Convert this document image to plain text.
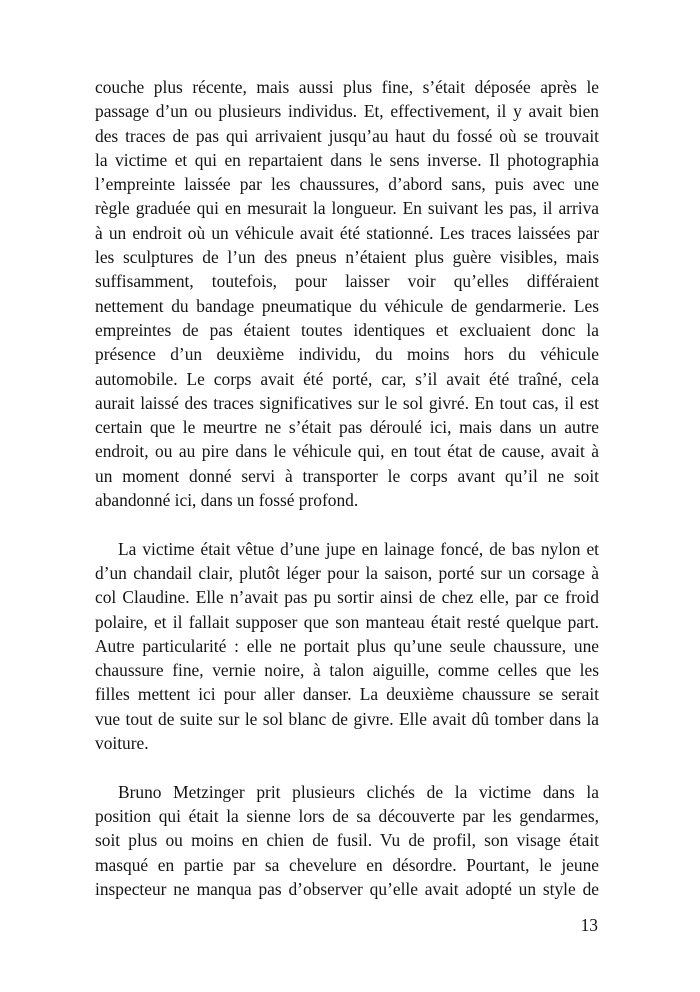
couche plus récente, mais aussi plus fine, s’était déposée après le
passage d’un ou plusieurs individus. Et, effectivement, il y avait bien
des traces de pas qui arrivaient jusqu’au haut du fossé où se trouvait
la victime et qui en repartaient dans le sens inverse. Il photographia
l’empreinte laissée par les chaussures, d’abord sans, puis avec une
règle graduée qui en mesurait la longueur. En suivant les pas, il arriva
à un endroit où un véhicule avait été stationné. Les traces laissées par
les sculptures de l’un des pneus n’étaient plus guère visibles, mais
suffisamment, toutefois, pour laisser voir qu’elles différaient
nettement du bandage pneumatique du véhicule de gendarmerie. Les
empreintes de pas étaient toutes identiques et excluaient donc la
présence d’un deuxième individu, du moins hors du véhicule
automobile. Le corps avait été porté, car, s’il avait été traîné, cela
aurait laissé des traces significatives sur le sol givré. En tout cas, il est
certain que le meurtre ne s’était pas déroulé ici, mais dans un autre
endroit, ou au pire dans le véhicule qui, en tout état de cause, avait à
un moment donné servi à transporter le corps avant qu’il ne soit
abandonné ici, dans un fossé profond.
La victime était vêtue d’une jupe en lainage foncé, de bas nylon et
d’un chandail clair, plutôt léger pour la saison, porté sur un corsage à
col Claudine. Elle n’avait pas pu sortir ainsi de chez elle, par ce froid
polaire, et il fallait supposer que son manteau était resté quelque part.
Autre particularité : elle ne portait plus qu’une seule chaussure, une
chaussure fine, vernie noire, à talon aiguille, comme celles que les
filles mettent ici pour aller danser. La deuxième chaussure se serait
vue tout de suite sur le sol blanc de givre. Elle avait dû tomber dans la
voiture.
Bruno Metzinger prit plusieurs clichés de la victime dans la
position qui était la sienne lors de sa découverte par les gendarmes,
soit plus ou moins en chien de fusil. Vu de profil, son visage était
masqué en partie par sa chevelure en désordre. Pourtant, le jeune
inspecteur ne manqua pas d’observer qu’elle avait adopté un style de
13
